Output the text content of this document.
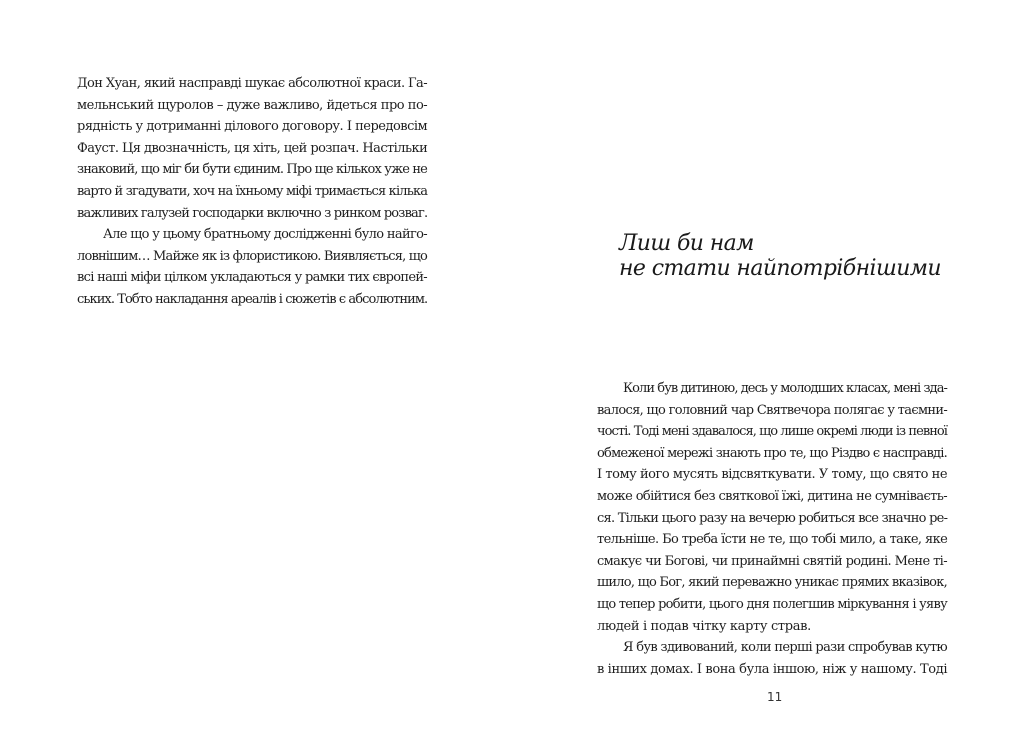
Дон Хуан, який насправді шукає абсолютної краси. Га-
мельнський щуролов – дуже важливо, йдеться про по-
рядність у дотриманні ділового договору. І передовсім
Фауст. Ця двозначність, ця хіть, цей розпач. Настільки
знаковий, що міг би бути єдиним. Про ще кількох уже не
варто й згадувати, хоч на їхньому міфі тримається кілька
важливих галузей господарки включно з ринком розваг.
Але що у цьому братньому дослідженні було найго-
ловнішим… Майже як із флористикою. Виявляється, що
всі наші міфи цілком укладаються у рамки тих європей-
ських. Тобто накладання ареалів і сюжетів є абсолютним.
Лиш би нам
не стати найпотрібнішими
Коли був дитиною, десь у молодших класах, мені зда-
валося, що головний чар Святвечора полягає у таємни-
чості. Тоді мені здавалося, що лише окремі люди із певної
обмеженої мережі знають про те, що Різдво є насправді.
І тому його мусять відсвяткувати. У тому, що свято не
може обійтися без святкової їжі, дитина не сумніваєть-
ся. Тільки цього разу на вечерю робиться все значно ре-
тельніше. Бо треба їсти не те, що тобі мило, а таке, яке
смакує чи Богові, чи принаймні святій родині. Мене ті-
шило, що Бог, який переважно уникає прямих вказівок,
що тепер робити, цього дня полегшив міркування і уяву
людей і подав чітку карту страв.
Я був здивований, коли перші рази спробував кутю
в інших домах. І вона була іншою, ніж у нашому. Тоді
11
